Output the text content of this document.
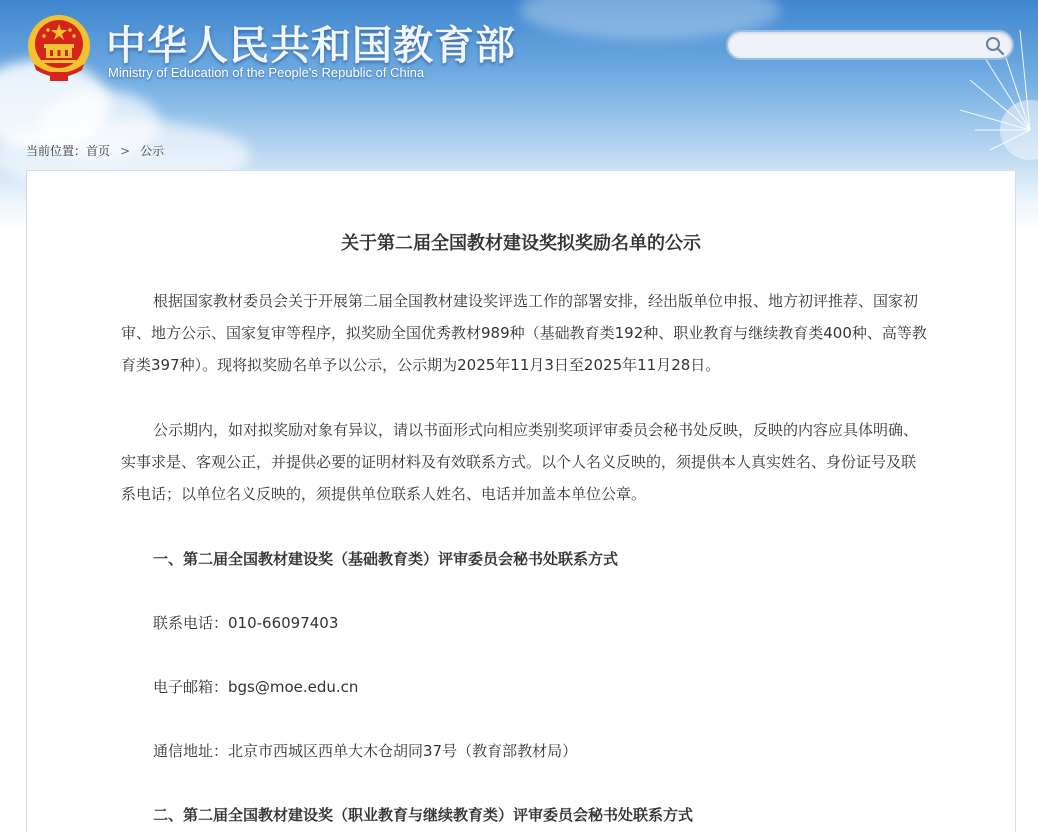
中华人民共和国教育部
Ministry of Education of the People's Republic of China
当前位置：首页 > 公示
关于第二届全国教材建设奖拟奖励名单的公示

根据国家教材委员会关于开展第二届全国教材建设奖评选工作的部署安排，经出版单位申报、地方初评推荐、国家初审、地方公示、国家复审等程序，拟奖励全国优秀教材989种（基础教育类192种、职业教育与继续教育类400种、高等教育类397种）。现将拟奖励名单予以公示，公示期为2025年11月3日至2025年11月28日。

公示期内，如对拟奖励对象有异议，请以书面形式向相应类别奖项评审委员会秘书处反映，反映的内容应具体明确、实事求是、客观公正，并提供必要的证明材料及有效联系方式。以个人名义反映的，须提供本人真实姓名、身份证号及联系电话；以单位名义反映的，须提供单位联系人姓名、电话并加盖本单位公章。

一、第二届全国教材建设奖（基础教育类）评审委员会秘书处联系方式
联系电话：010-66097403
电子邮箱：bgs@moe.edu.cn
通信地址：北京市西城区西单大木仓胡同37号（教育部教材局）
二、第二届全国教材建设奖（职业教育与继续教育类）评审委员会秘书处联系方式
